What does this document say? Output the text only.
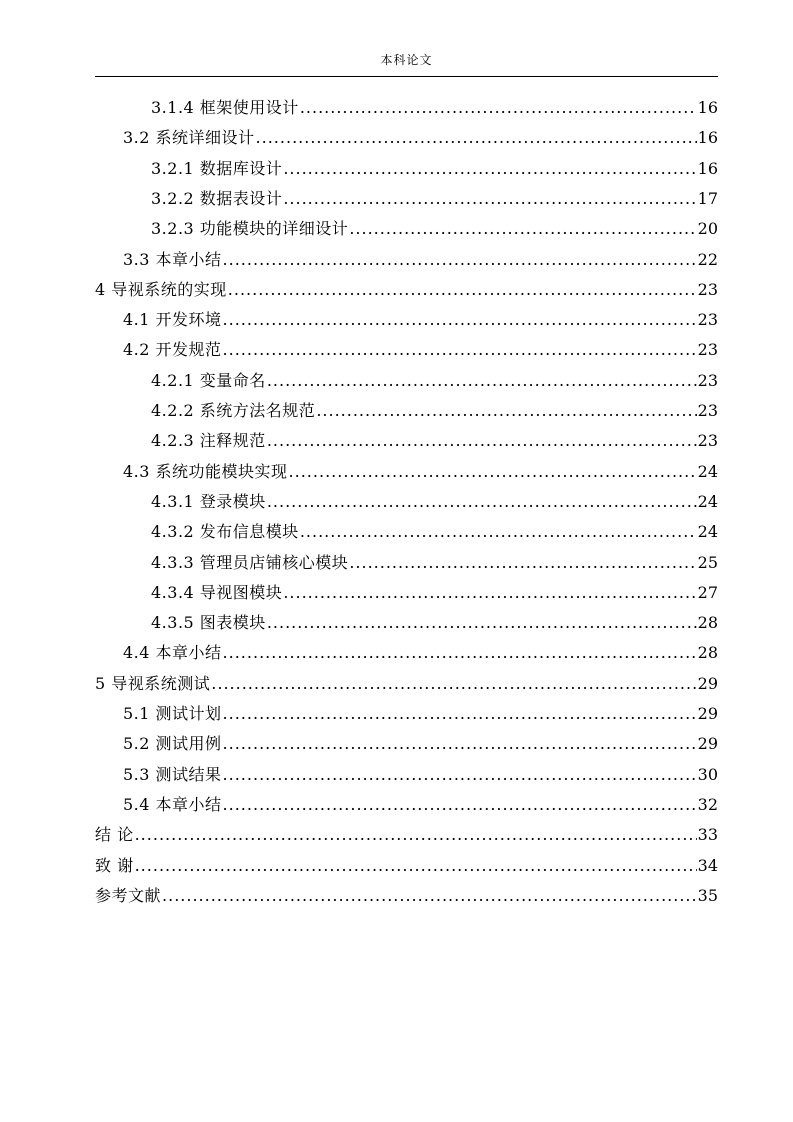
本科论文
3.1.4 框架使用设计 .....	16
3.2 系统详细设计 .....	16
3.2.1 数据库设计 .....	16
3.2.2 数据表设计 .....	17
3.2.3 功能模块的详细设计 .....	20
3.3 本章小结 .....	22
4 导视系统的实现 .....	23
4.1 开发环境 .....	23
4.2 开发规范 .....	23
4.2.1 变量命名 .....	23
4.2.2 系统方法名规范 .....	23
4.2.3 注释规范 .....	23
4.3 系统功能模块实现 .....	24
4.3.1 登录模块 .....	24
4.3.2 发布信息模块 .....	24
4.3.3 管理员店铺核心模块 .....	25
4.3.4 导视图模块 .....	27
4.3.5 图表模块 .....	28
4.4 本章小结 .....	28
5 导视系统测试 .....	29
5.1 测试计划 .....	29
5.2 测试用例 .....	29
5.3 测试结果 .....	30
5.4 本章小结 .....	32
结 论 .....	33
致 谢 .....	34
参考文献 .....	35
